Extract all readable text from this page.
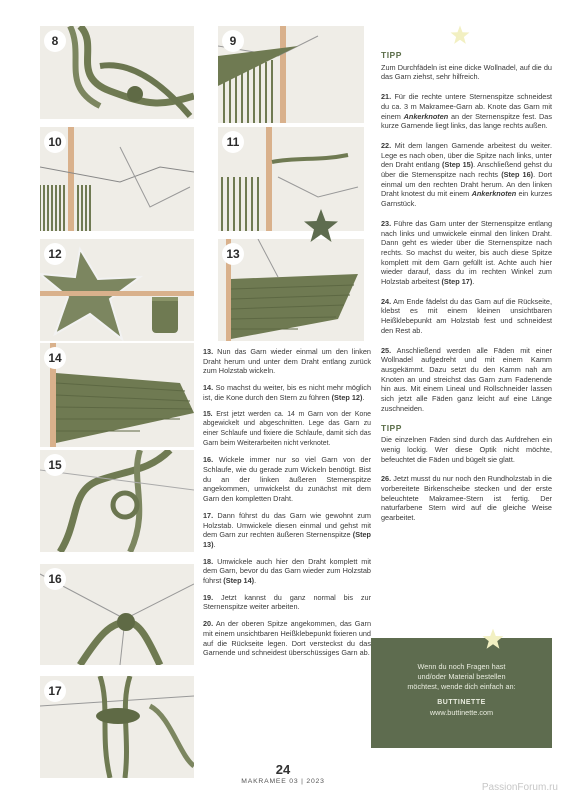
8
10
12
14
15
16
17
9
11
13

13. Nun das Garn wieder einmal um den linken Draht herum und unter dem Draht entlang zurück zum Holzstab wickeln.

14. So machst du weiter, bis es nicht mehr möglich ist, die Kone durch den Stern zu führen (Step 12).

15. Erst jetzt werden ca. 14 m Garn von der Kone abgewickelt und abgeschnitten. Lege das Garn zu einer Schlaufe und fixiere die Schlaufe, damit sich das Garn beim Weiterarbeiten nicht verknotet.

16. Wickele immer nur so viel Garn von der Schlaufe, wie du gerade zum Wickeln benötigt. Bist du an der linken äußeren Sternenspitze angekommen, umwickelst du zunächst mit dem Garn den kompletten Draht.

17. Dann führst du das Garn wie gewohnt zum Holzstab. Umwickele diesen einmal und gehst mit dem Garn zur rechten äußeren Sternenspitze (Step 13).

18. Umwickele auch hier den Draht komplett mit dem Garn, bevor du das Garn wieder zum Holzstab führst (Step 14).

19. Jetzt kannst du ganz normal bis zur Sternenspitze weiter arbeiten.

20. An der oberen Spitze angekommen, das Garn mit einem unsichtbaren Heißklebepunkt fixieren und auf die Rückseite legen. Dort versteckst du das Garnende und schneidest überschüssiges Garn ab.

TIPP

Zum Durchfädeln ist eine dicke Wollnadel, auf die du das Garn ziehst, sehr hilfreich.

21. Für die rechte untere Sternenspitze schneidest du ca. 3 m Makramee-Garn ab. Knote das Garn mit einem Ankerknoten an der Sternenspitze fest. Das kurze Garnende liegt links, das lange rechts außen.

22. Mit dem langen Garnende arbeitest du weiter. Lege es nach oben, über die Spitze nach links, unter den Draht entlang (Step 15). Anschließend gehst du über die Sternenspitze nach rechts (Step 16). Dort einmal um den rechten Draht herum. An den linken Draht knotest du mit einem Ankerknoten ein kurzes Garnstück.

23. Führe das Garn unter der Sternenspitze entlang nach links und umwickele einmal den linken Draht. Dann geht es wieder über die Sternenspitze nach rechts. So machst du weiter, bis auch diese Spitze komplett mit dem Garn gefüllt ist. Achte auch hier wieder darauf, dass du im rechten Winkel zum Holzstab arbeitest (Step 17).

24. Am Ende fädelst du das Garn auf die Rückseite, klebst es mit einem kleinen unsichtbaren Heißklebepunkt am Holzstab fest und schneidest den Rest ab.

25. Anschließend werden alle Fäden mit einer Wollnadel aufgedreht und mit einem Kamm ausgekämmt. Dazu setzt du den Kamm nah am Knoten an und streichst das Garn zum Fadenende hin aus. Mit einem Lineal und Rollschneider lassen sich jetzt alle Fäden ganz leicht auf eine Länge zuschneiden.

TIPP

Die einzelnen Fäden sind durch das Aufdrehen ein wenig lockig. Wer diese Optik nicht möchte, befeuchtet die Fäden und bügelt sie glatt.

26. Jetzt musst du nur noch den Rundholzstab in die vorbereitete Birkenscheibe stecken und der erste beleuchtete Makramee-Stern ist fertig. Der naturfarbene Stern wird auf die gleiche Weise gearbeitet.

Wenn du noch Fragen hast
und/oder Material bestellen
möchtest, wende dich einfach an:
BUTTINETTE
www.buttinette.com
24
MAKRAMEE 03 | 2023
PassionForum.ru
